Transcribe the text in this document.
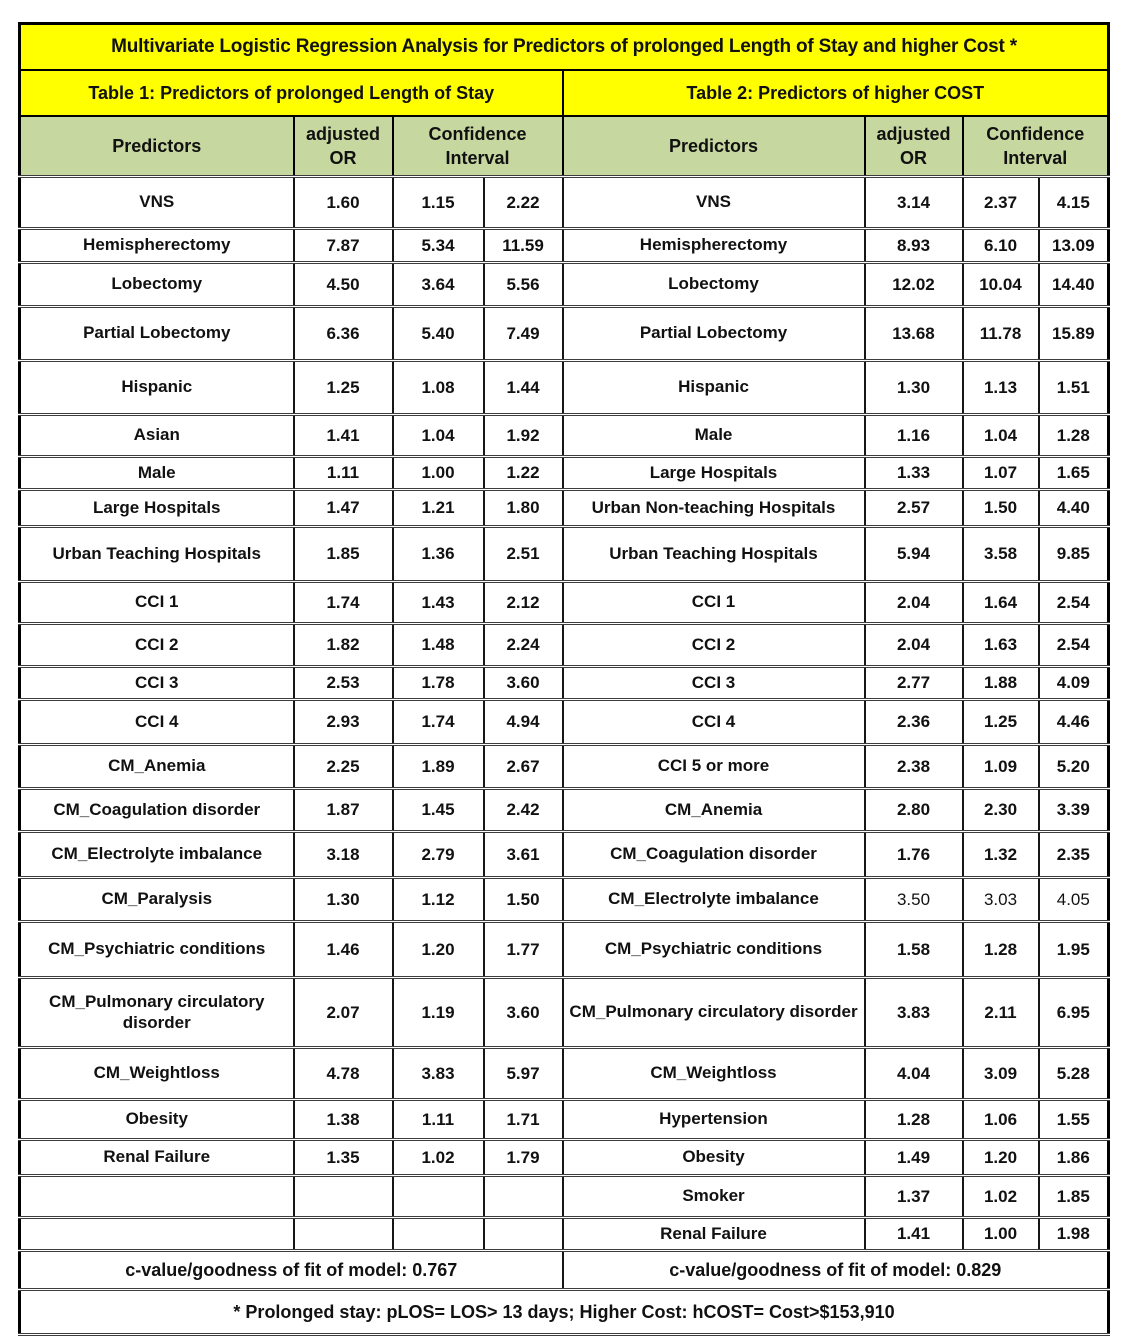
Multivariate Logistic Regression Analysis for Predictors of prolonged Length of Stay and higher Cost *							
Table 1: Predictors of prolonged Length of Stay				Table 2: Predictors of higher COST			
Predictors	adjusted OR	Confidence Interval		Predictors	adjusted OR	Confidence Interval	
VNS	1.60	1.15	2.22	VNS	3.14	2.37	4.15
Hemispherectomy	7.87	5.34	11.59	Hemispherectomy	8.93	6.10	13.09
Lobectomy	4.50	3.64	5.56	Lobectomy	12.02	10.04	14.40
Partial Lobectomy	6.36	5.40	7.49	Partial Lobectomy	13.68	11.78	15.89
Hispanic	1.25	1.08	1.44	Hispanic	1.30	1.13	1.51
Asian	1.41	1.04	1.92	Male	1.16	1.04	1.28
Male	1.11	1.00	1.22	Large Hospitals	1.33	1.07	1.65
Large Hospitals	1.47	1.21	1.80	Urban Non-teaching Hospitals	2.57	1.50	4.40
Urban Teaching Hospitals	1.85	1.36	2.51	Urban Teaching Hospitals	5.94	3.58	9.85
CCI 1	1.74	1.43	2.12	CCI 1	2.04	1.64	2.54
CCI 2	1.82	1.48	2.24	CCI 2	2.04	1.63	2.54
CCI 3	2.53	1.78	3.60	CCI 3	2.77	1.88	4.09
CCI 4	2.93	1.74	4.94	CCI 4	2.36	1.25	4.46
CM_Anemia	2.25	1.89	2.67	CCI 5 or more	2.38	1.09	5.20
CM_Coagulation disorder	1.87	1.45	2.42	CM_Anemia	2.80	2.30	3.39
CM_Electrolyte imbalance	3.18	2.79	3.61	CM_Coagulation disorder	1.76	1.32	2.35
CM_Paralysis	1.30	1.12	1.50	CM_Electrolyte imbalance	3.50	3.03	4.05
CM_Psychiatric conditions	1.46	1.20	1.77	CM_Psychiatric conditions	1.58	1.28	1.95
CM_Pulmonary circulatory disorder	2.07	1.19	3.60	CM_Pulmonary circulatory disorder	3.83	2.11	6.95
CM_Weightloss	4.78	3.83	5.97	CM_Weightloss	4.04	3.09	5.28
Obesity	1.38	1.11	1.71	Hypertension	1.28	1.06	1.55
Renal Failure	1.35	1.02	1.79	Obesity	1.49	1.20	1.86
				Smoker	1.37	1.02	1.85
				Renal Failure	1.41	1.00	1.98
c-value/goodness of fit of model: 0.767				c-value/goodness of fit of model: 0.829			
* Prolonged stay: pLOS= LOS> 13 days; Higher Cost: hCOST= Cost>$153,910							
